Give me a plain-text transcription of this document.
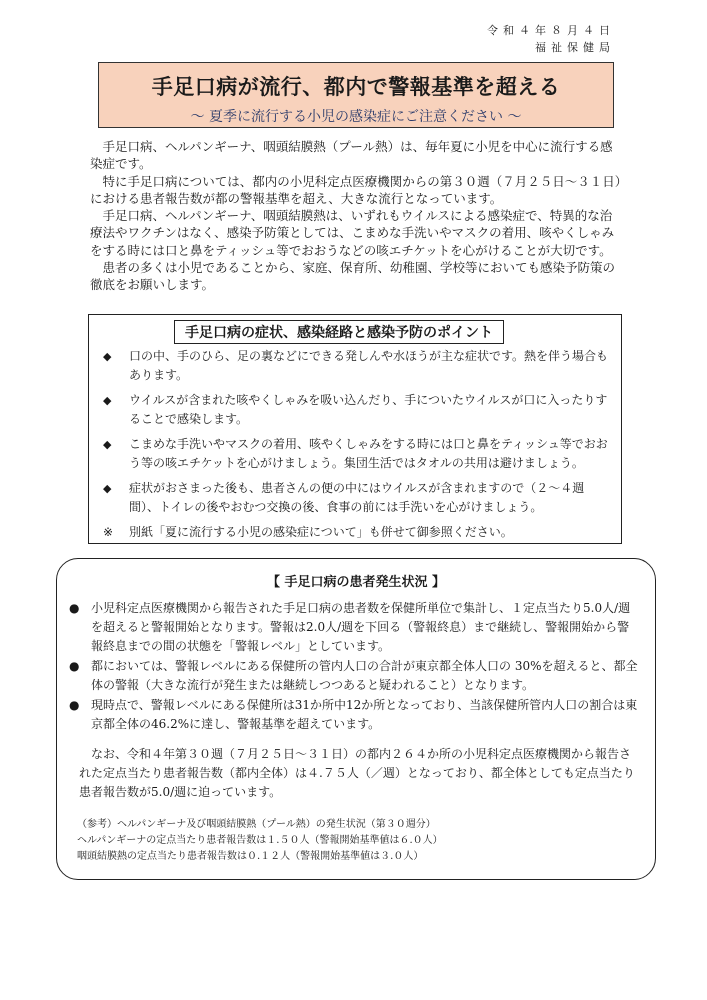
令和４年８月４日
福祉保健局
手足口病が流行、都内で警報基準を超える

〜 夏季に流行する小児の感染症にご注意ください 〜

手足口病、ヘルパンギーナ、咽頭結膜熱（プール熱）は、毎年夏に小児を中心に流行する感染症です。

特に手足口病については、都内の小児科定点医療機関からの第３０週（７月２５日〜３１日）における患者報告数が都の警報基準を超え、大きな流行となっています。

手足口病、ヘルパンギーナ、咽頭結膜熱は、いずれもウイルスによる感染症で、特異的な治療法やワクチンはなく、感染予防策としては、こまめな手洗いやマスクの着用、咳やくしゃみをする時には口と鼻をティッシュ等でおおうなどの咳エチケットを心がけることが大切です。

患者の多くは小児であることから、家庭、保育所、幼稚園、学校等においても感染予防策の徹底をお願いします。

手足口病の症状、感染経路と感染予防のポイント
◆	口の中、手のひら、足の裏などにできる発しんや水ほうが主な症状です。熱を伴う場合もあります。
◆	ウイルスが含まれた咳やくしゃみを吸い込んだり、手についたウイルスが口に入ったりすることで感染します。
◆	こまめな手洗いやマスクの着用、咳やくしゃみをする時には口と鼻をティッシュ等でおおう等の咳エチケットを心がけましょう。集団生活ではタオルの共用は避けましょう。
◆	症状がおさまった後も、患者さんの便の中にはウイルスが含まれますので（２〜４週間）、トイレの後やおむつ交換の後、食事の前には手洗いを心がけましょう。
※	別紙「夏に流行する小児の感染症について」も併せて御参照ください。
【 手足口病の患者発生状況 】
● 小児科定点医療機関から報告された手足口病の患者数を保健所単位で集計し、１定点当たり5.0人/週を超えると警報開始となります。警報は2.0人/週を下回る（警報終息）まで継続し、警報開始から警報終息までの間の状態を「警報レベル」としています。
● 都においては、警報レベルにある保健所の管内人口の合計が東京都全体人口の 30%を超えると、都全体の警報（大きな流行が発生または継続しつつあると疑われること）となります。
● 現時点で、警報レベルにある保健所は31か所中12か所となっており、当該保健所管内人口の割合は東京都全体の46.2%に達し、警報基準を超えています。
なお、令和４年第３０週（７月２５日〜３１日）の都内２６４か所の小児科定点医療機関から報告された定点当たり患者報告数（都内全体）は４.７５人（／週）となっており、都全体としても定点当たり患者報告数が5.0/週に迫っています。
（参考）ヘルパンギーナ及び咽頭結膜熱（プール熱）の発生状況（第３０週分）
ヘルパンギーナの定点当たり患者報告数は１.５０人（警報開始基準値は６.０人）
咽頭結膜熱の定点当たり患者報告数は０.１２人（警報開始基準値は３.０人）
